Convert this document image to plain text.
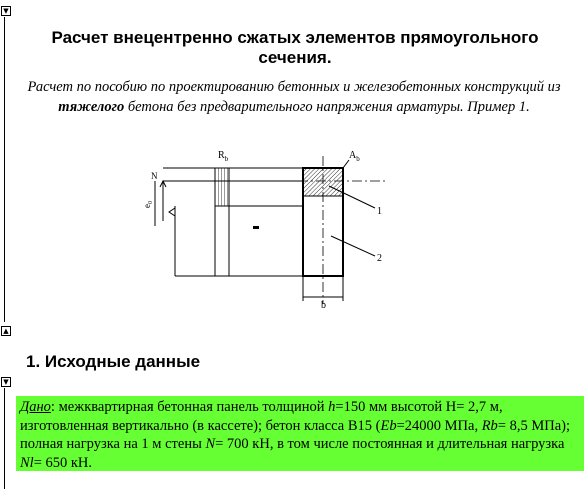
▼
▲
▼
Расчет внецентренно сжатых элементов прямоугольного сечения.

Расчет по пособию по проектированию бетонных и железобетонных конструкций из тяжелого бетона без предварительного напряжения арматуры. Пример 1.

$R_b$	$A_b$
N
$e_0$
1
2
b
1. Исходные данные
Дано: межквартирная бетонная панель толщиной h=150 мм высотой Н= 2,7 м, изготовленная вертикально (в кассете); бетон класса В15 (Eb=24000 МПа, Rb= 8,5 МПа); полная нагрузка на 1 м стены N= 700 кН, в том числе постоянная и длительная нагрузка Nl= 650 кН.
